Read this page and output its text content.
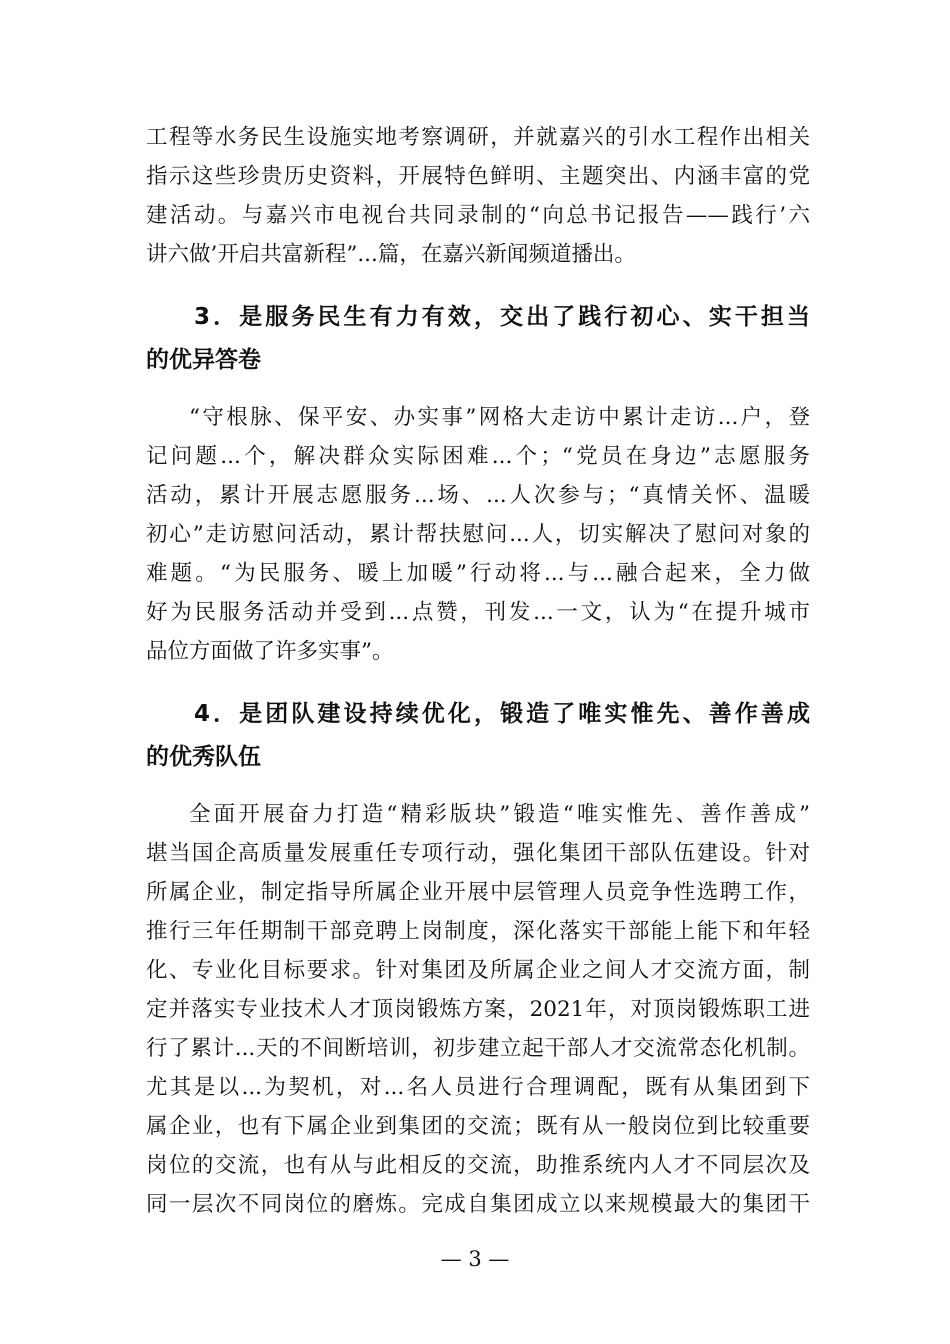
工程等水务民生设施实地考察调研，并就嘉兴的引水工程作出相关
指示这些珍贵历史资料，开展特色鲜明、主题突出、内涵丰富的党
建活动。与嘉兴市电视台共同录制的“向总书记报告——践行’六
讲六做’开启共富新程”...篇，在嘉兴新闻频道播出。
3．是服务民生有力有效，交出了践行初心、实干担当
的优异答卷
“守根脉、保平安、办实事”网格大走访中累计走访...户，登
记问题...个，解决群众实际困难...个；“党员在身边”志愿服务
活动，累计开展志愿服务...场、...人次参与；“真情关怀、温暖
初心”走访慰问活动，累计帮扶慰问...人，切实解决了慰问对象的
难题。“为民服务、暖上加暖”行动将...与...融合起来，全力做
好为民服务活动并受到...点赞，刊发...一文，认为“在提升城市
品位方面做了许多实事”。
4．是团队建设持续优化，锻造了唯实惟先、善作善成
的优秀队伍
全面开展奋力打造“精彩版块”锻造“唯实惟先、善作善成”
堪当国企高质量发展重任专项行动，强化集团干部队伍建设。针对
所属企业，制定指导所属企业开展中层管理人员竞争性选聘工作，
推行三年任期制干部竞聘上岗制度，深化落实干部能上能下和年轻
化、专业化目标要求。针对集团及所属企业之间人才交流方面，制
定并落实专业技术人才顶岗锻炼方案，2021年，对顶岗锻炼职工进
行了累计...天的不间断培训，初步建立起干部人才交流常态化机制。
尤其是以...为契机，对...名人员进行合理调配，既有从集团到下
属企业，也有下属企业到集团的交流；既有从一般岗位到比较重要
岗位的交流，也有从与此相反的交流，助推系统内人才不同层次及
同一层次不同岗位的磨炼。完成自集团成立以来规模最大的集团干
— 3 —
